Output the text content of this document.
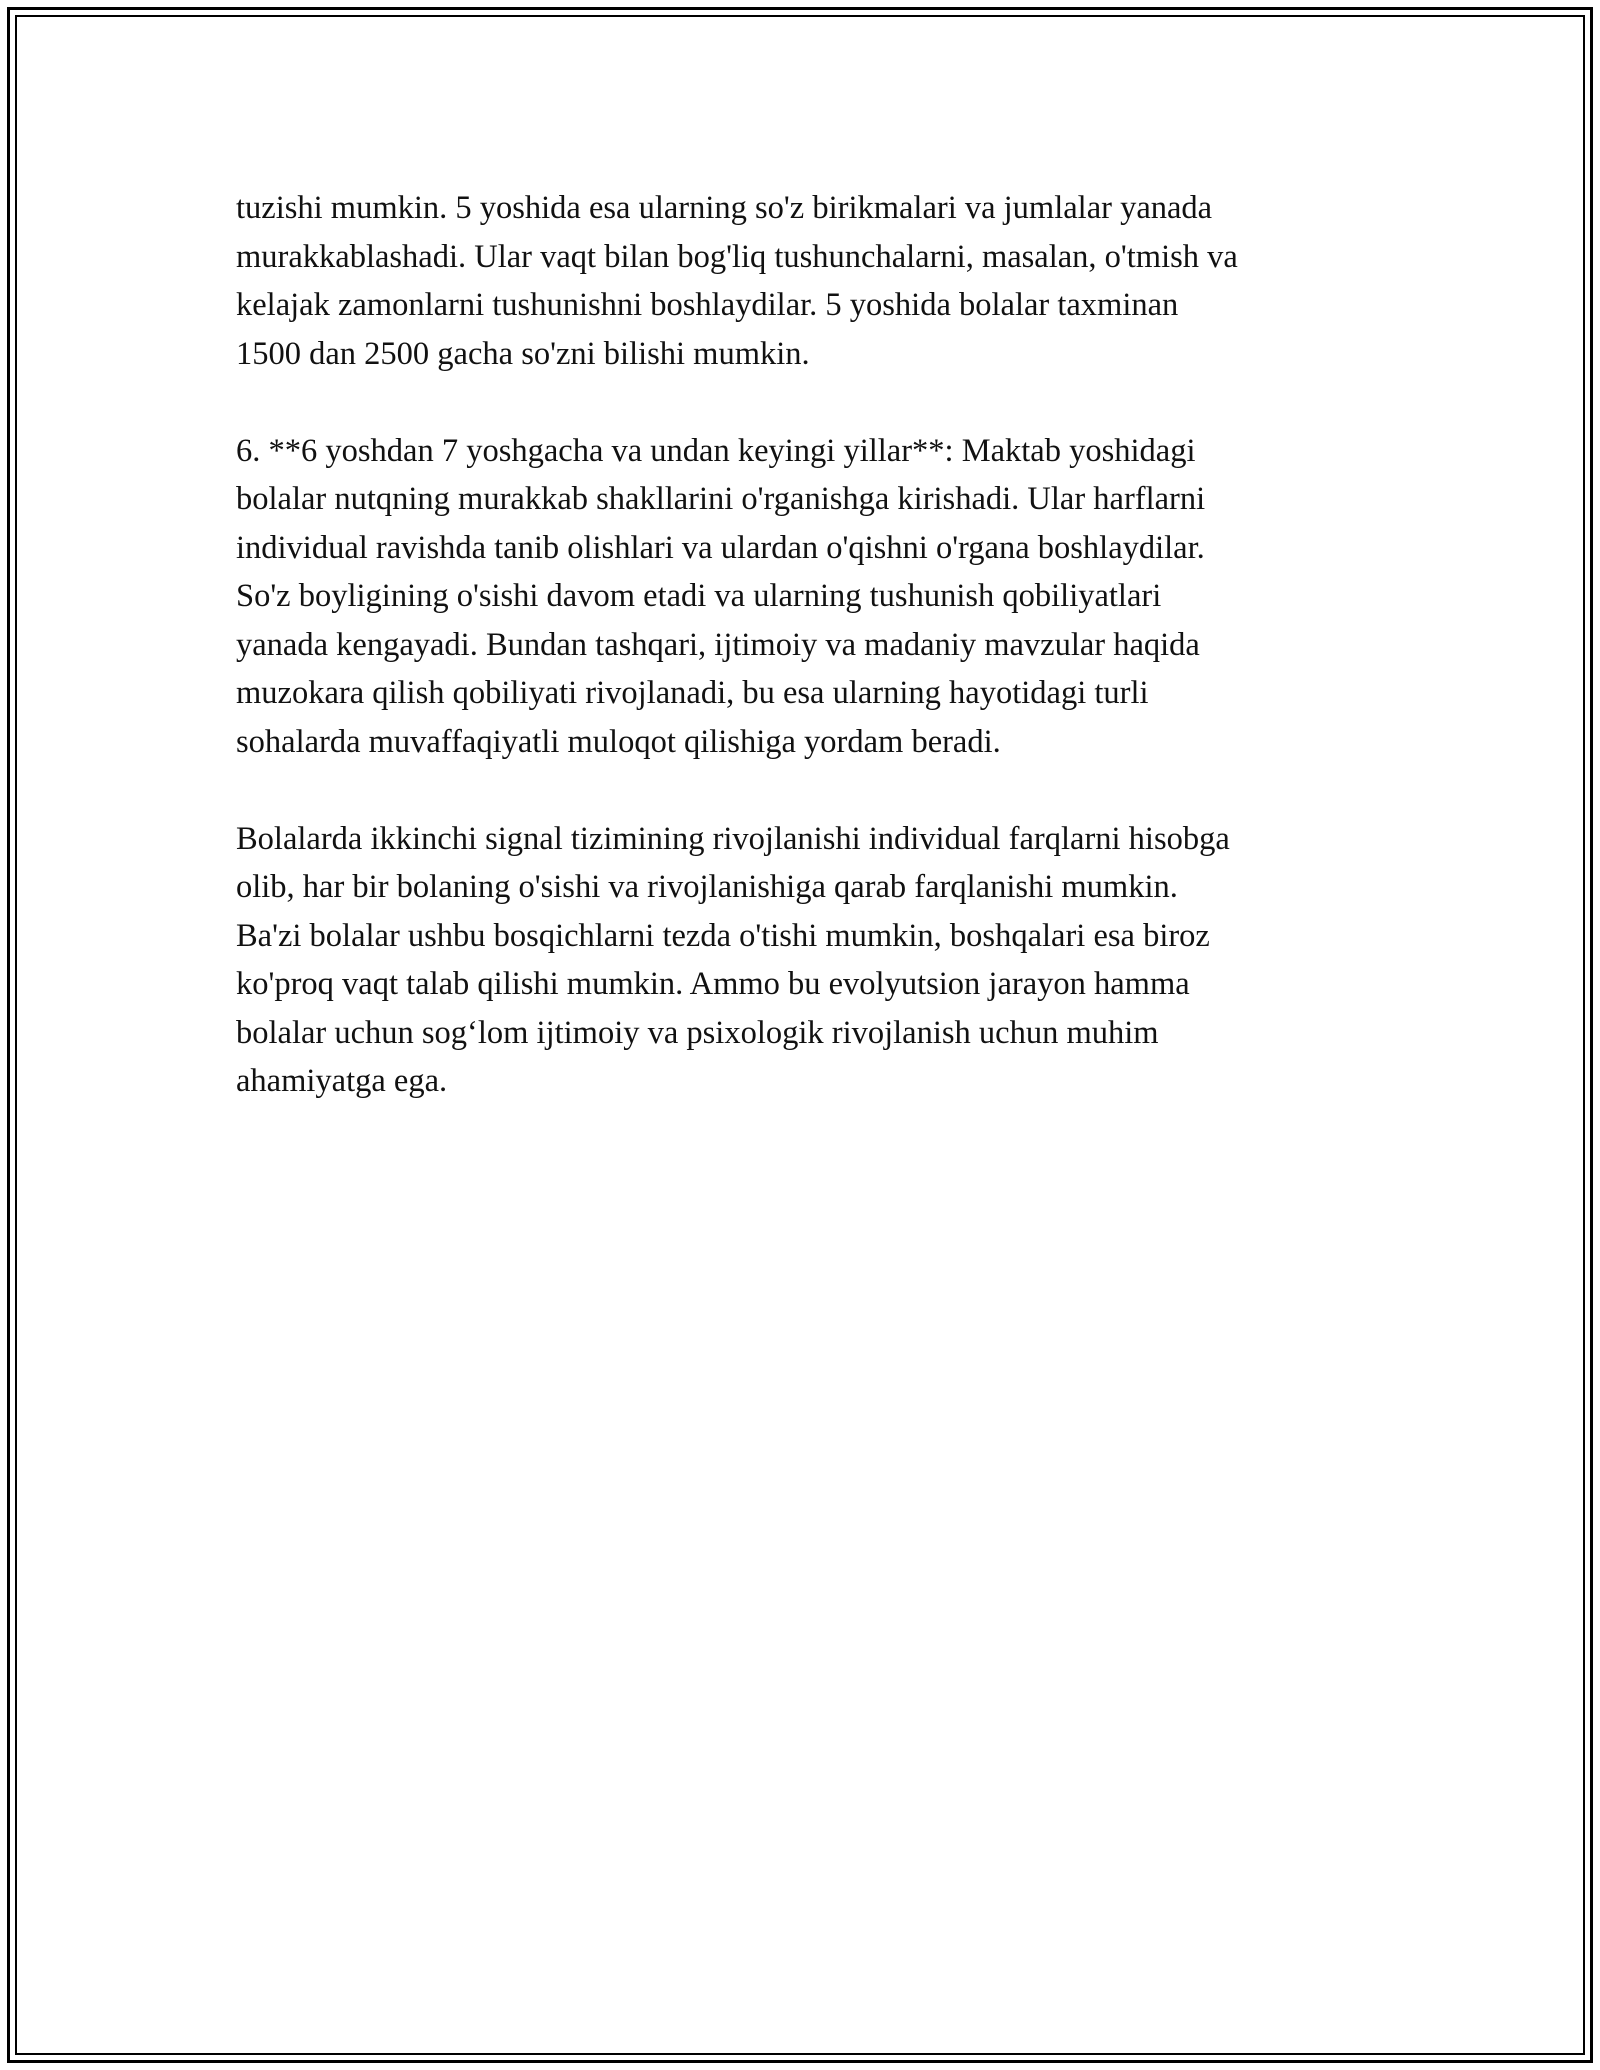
tuzishi mumkin. 5 yoshida esa ularning so'z birikmalari va jumlalar yanada
murakkablashadi. Ular vaqt bilan bog'liq tushunchalarni, masalan, o'tmish va
kelajak zamonlarni tushunishni boshlaydilar. 5 yoshida bolalar taxminan
1500 dan 2500 gacha so'zni bilishi mumkin.

6. **6 yoshdan 7 yoshgacha va undan keyingi yillar**: Maktab yoshidagi
bolalar nutqning murakkab shakllarini o'rganishga kirishadi. Ular harflarni
individual ravishda tanib olishlari va ulardan o'qishni o'rgana boshlaydilar.
So'z boyligining o'sishi davom etadi va ularning tushunish qobiliyatlari
yanada kengayadi. Bundan tashqari, ijtimoiy va madaniy mavzular haqida
muzokara qilish qobiliyati rivojlanadi, bu esa ularning hayotidagi turli
sohalarda muvaffaqiyatli muloqot qilishiga yordam beradi.

Bolalarda ikkinchi signal tizimining rivojlanishi individual farqlarni hisobga
olib, har bir bolaning o'sishi va rivojlanishiga qarab farqlanishi mumkin.
Ba'zi bolalar ushbu bosqichlarni tezda o'tishi mumkin, boshqalari esa biroz
ko'proq vaqt talab qilishi mumkin. Ammo bu evolyutsion jarayon hamma
bolalar uchun sog‘lom ijtimoiy va psixologik rivojlanish uchun muhim
ahamiyatga ega.
